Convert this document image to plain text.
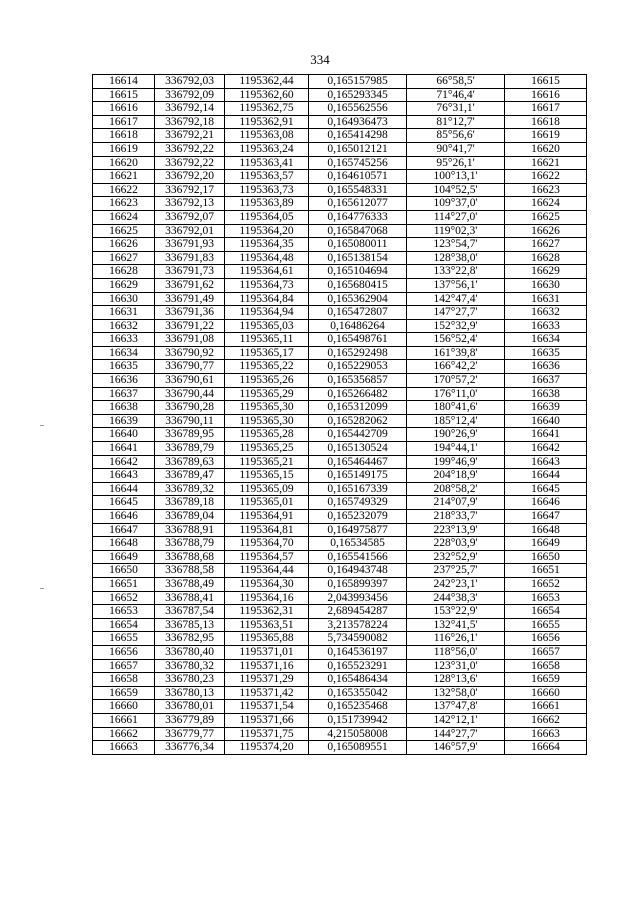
334
16614	336792,03	1195362,44	0,165157985	66°58,5'	16615
16615	336792,09	1195362,60	0,165293345	71°46,4'	16616
16616	336792,14	1195362,75	0,165562556	76°31,1'	16617
16617	336792,18	1195362,91	0,164936473	81°12,7'	16618
16618	336792,21	1195363,08	0,165414298	85°56,6'	16619
16619	336792,22	1195363,24	0,165012121	90°41,7'	16620
16620	336792,22	1195363,41	0,165745256	95°26,1'	16621
16621	336792,20	1195363,57	0,164610571	100°13,1'	16622
16622	336792,17	1195363,73	0,165548331	104°52,5'	16623
16623	336792,13	1195363,89	0,165612077	109°37,0'	16624
16624	336792,07	1195364,05	0,164776333	114°27,0'	16625
16625	336792,01	1195364,20	0,165847068	119°02,3'	16626
16626	336791,93	1195364,35	0,165080011	123°54,7'	16627
16627	336791,83	1195364,48	0,165138154	128°38,0'	16628
16628	336791,73	1195364,61	0,165104694	133°22,8'	16629
16629	336791,62	1195364,73	0,165680415	137°56,1'	16630
16630	336791,49	1195364,84	0,165362904	142°47,4'	16631
16631	336791,36	1195364,94	0,165472807	147°27,7'	16632
16632	336791,22	1195365,03	0,16486264	152°32,9'	16633
16633	336791,08	1195365,11	0,165498761	156°52,4'	16634
16634	336790,92	1195365,17	0,165292498	161°39,8'	16635
16635	336790,77	1195365,22	0,165229053	166°42,2'	16636
16636	336790,61	1195365,26	0,165356857	170°57,2'	16637
16637	336790,44	1195365,29	0,165266482	176°11,0'	16638
16638	336790,28	1195365,30	0,165312099	180°41,6'	16639
16639	336790,11	1195365,30	0,165282062	185°12,4'	16640
16640	336789,95	1195365,28	0,165442709	190°26,9'	16641
16641	336789,79	1195365,25	0,165130524	194°44,1'	16642
16642	336789,63	1195365,21	0,165464467	199°46,9'	16643
16643	336789,47	1195365,15	0,165149175	204°18,9'	16644
16644	336789,32	1195365,09	0,165167339	208°58,2'	16645
16645	336789,18	1195365,01	0,165749329	214°07,9'	16646
16646	336789,04	1195364,91	0,165232079	218°33,7'	16647
16647	336788,91	1195364,81	0,164975877	223°13,9'	16648
16648	336788,79	1195364,70	0,16534585	228°03,9'	16649
16649	336788,68	1195364,57	0,165541566	232°52,9'	16650
16650	336788,58	1195364,44	0,164943748	237°25,7'	16651
16651	336788,49	1195364,30	0,165899397	242°23,1'	16652
16652	336788,41	1195364,16	2,043993456	244°38,3'	16653
16653	336787,54	1195362,31	2,689454287	153°22,9'	16654
16654	336785,13	1195363,51	3,213578224	132°41,5'	16655
16655	336782,95	1195365,88	5,734590082	116°26,1'	16656
16656	336780,40	1195371,01	0,164536197	118°56,0'	16657
16657	336780,32	1195371,16	0,165523291	123°31,0'	16658
16658	336780,23	1195371,29	0,165486434	128°13,6'	16659
16659	336780,13	1195371,42	0,165355042	132°58,0'	16660
16660	336780,01	1195371,54	0,165235468	137°47,8'	16661
16661	336779,89	1195371,66	0,151739942	142°12,1'	16662
16662	336779,77	1195371,75	4,215058008	144°27,7'	16663
16663	336776,34	1195374,20	0,165089551	146°57,9'	16664
